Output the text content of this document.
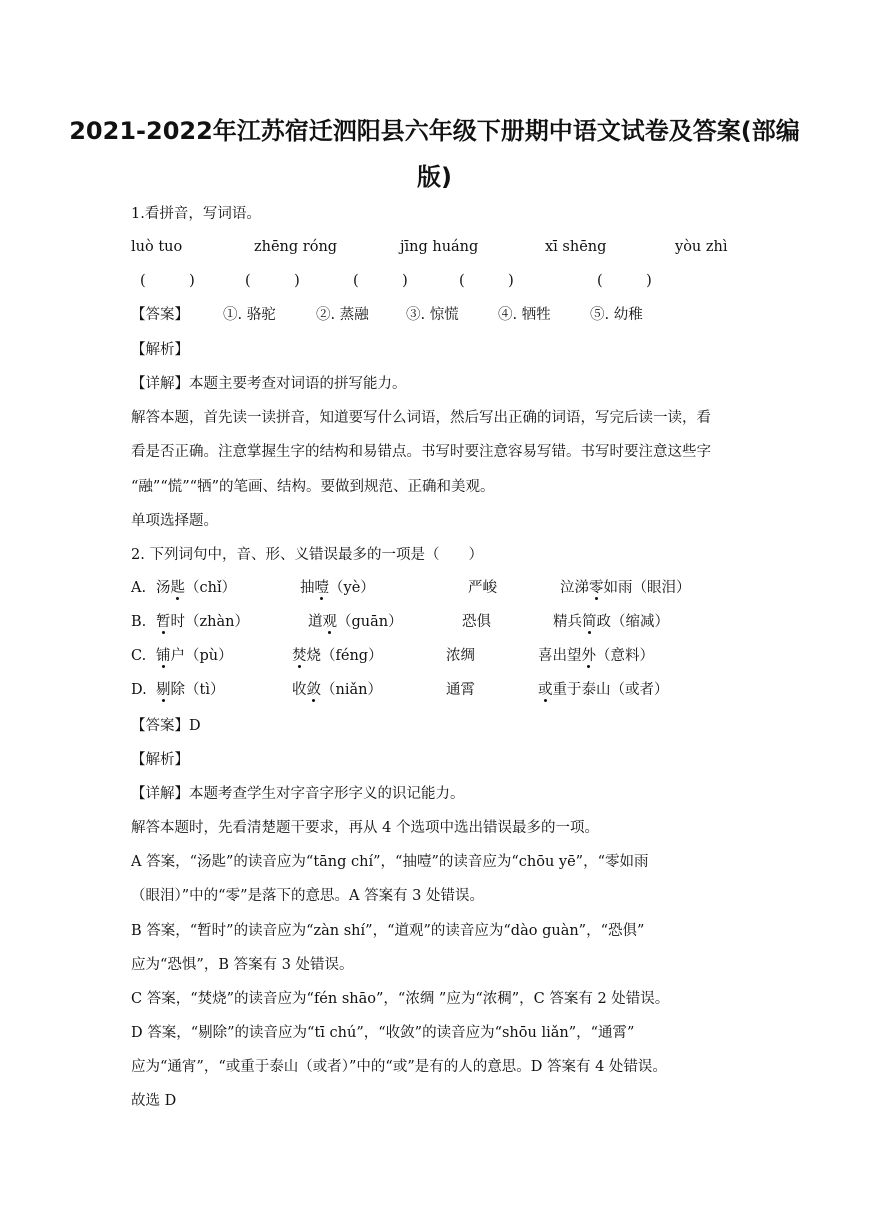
2021-2022年江苏宿迁泗阳县六年级下册期中语文试卷及答案(部编版)
1.看拼音，写词语。
luò tuo	zhēng róng	jīng huáng	xī shēng	yòu zhì
(　　　)	(　　　)	(　　　)	(　　　)	(　　　)
【答案】 ①. 骆驼	②. 蒸融	③. 惊慌	④. 牺牲	⑤. 幼稚
【解析】
【详解】本题主要考查对词语的拼写能力。
解答本题，首先读一读拼音，知道要写什么词语，然后写出正确的词语，写完后读一读，看
看是否正确。注意掌握生字的结构和易错点。书写时要注意容易写错。书写时要注意这些字
“融”“慌”“牺”的笔画、结构。要做到规范、正确和美观。
单项选择题。
2. 下列词句中，音、形、义错误最多的一项是（　　）
A. 汤匙（chǐ）	抽噎（yè）	严峻	泣涕零如雨（眼泪）
B. 暂时（zhàn）	道观（guān）	恐俱	精兵简政（缩减）
C. 铺户（pù）	焚烧（féng）	浓绸	喜出望外（意料）
D. 剔除（tì）	收敛（niǎn）	通霄	或重于泰山（或者）
【答案】D
【解析】
【详解】本题考查学生对字音字形字义的识记能力。
解答本题时，先看清楚题干要求，再从 4 个选项中选出错误最多的一项。
A 答案，“汤匙”的读音应为“tāng chí”，“抽噎”的读音应为“chōu yē”，“零如雨
（眼泪）”中的“零”是落下的意思。A 答案有 3 处错误。
B 答案，“暂时”的读音应为“zàn shí”，“道观”的读音应为“dào guàn”，“恐俱”
应为“恐惧”，B 答案有 3 处错误。
C 答案，“焚烧”的读音应为“fén shāo”，“浓绸 ”应为“浓稠”，C 答案有 2 处错误。
D 答案，“剔除”的读音应为“tī chú”，“收敛”的读音应为“shōu liǎn”，“通霄”
应为“通宵”，“或重于泰山（或者）”中的“或”是有的人的意思。D 答案有 4 处错误。
故选 D
